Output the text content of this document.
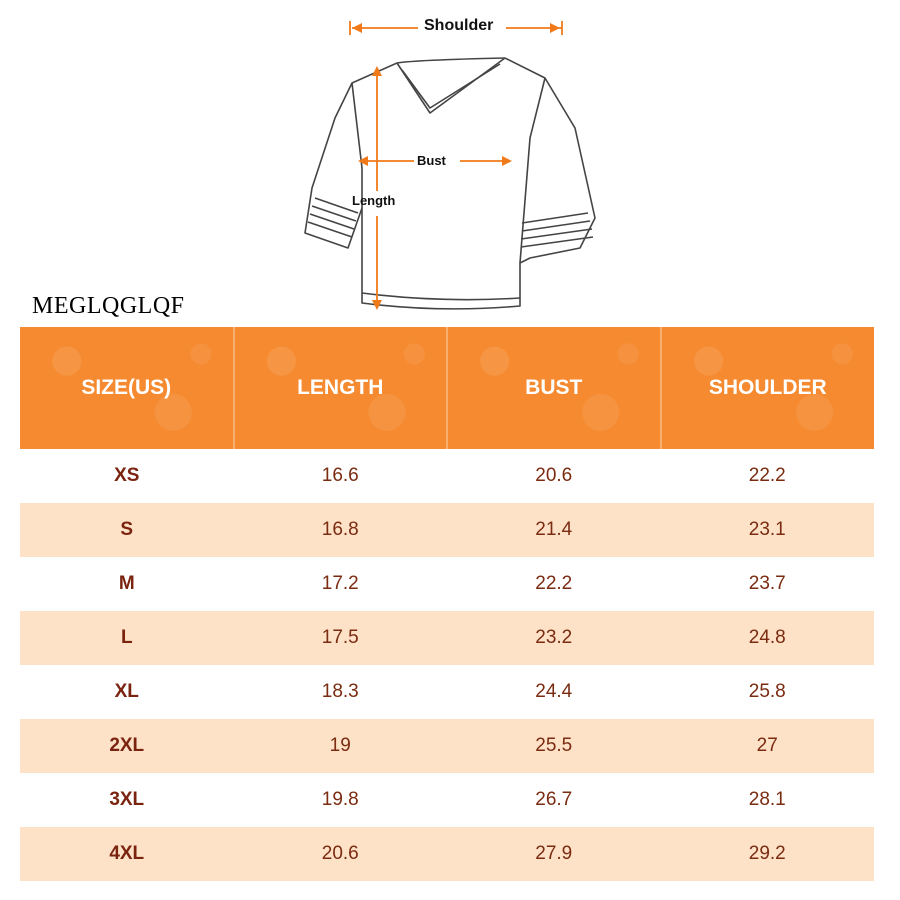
Shoulder
Bust
Length
MEGLQGLQF
SIZE(US)	LENGTH	BUST	SHOULDER
XS	16.6	20.6	22.2
S	16.8	21.4	23.1
M	17.2	22.2	23.7
L	17.5	23.2	24.8
XL	18.3	24.4	25.8
2XL	19	25.5	27
3XL	19.8	26.7	28.1
4XL	20.6	27.9	29.2
